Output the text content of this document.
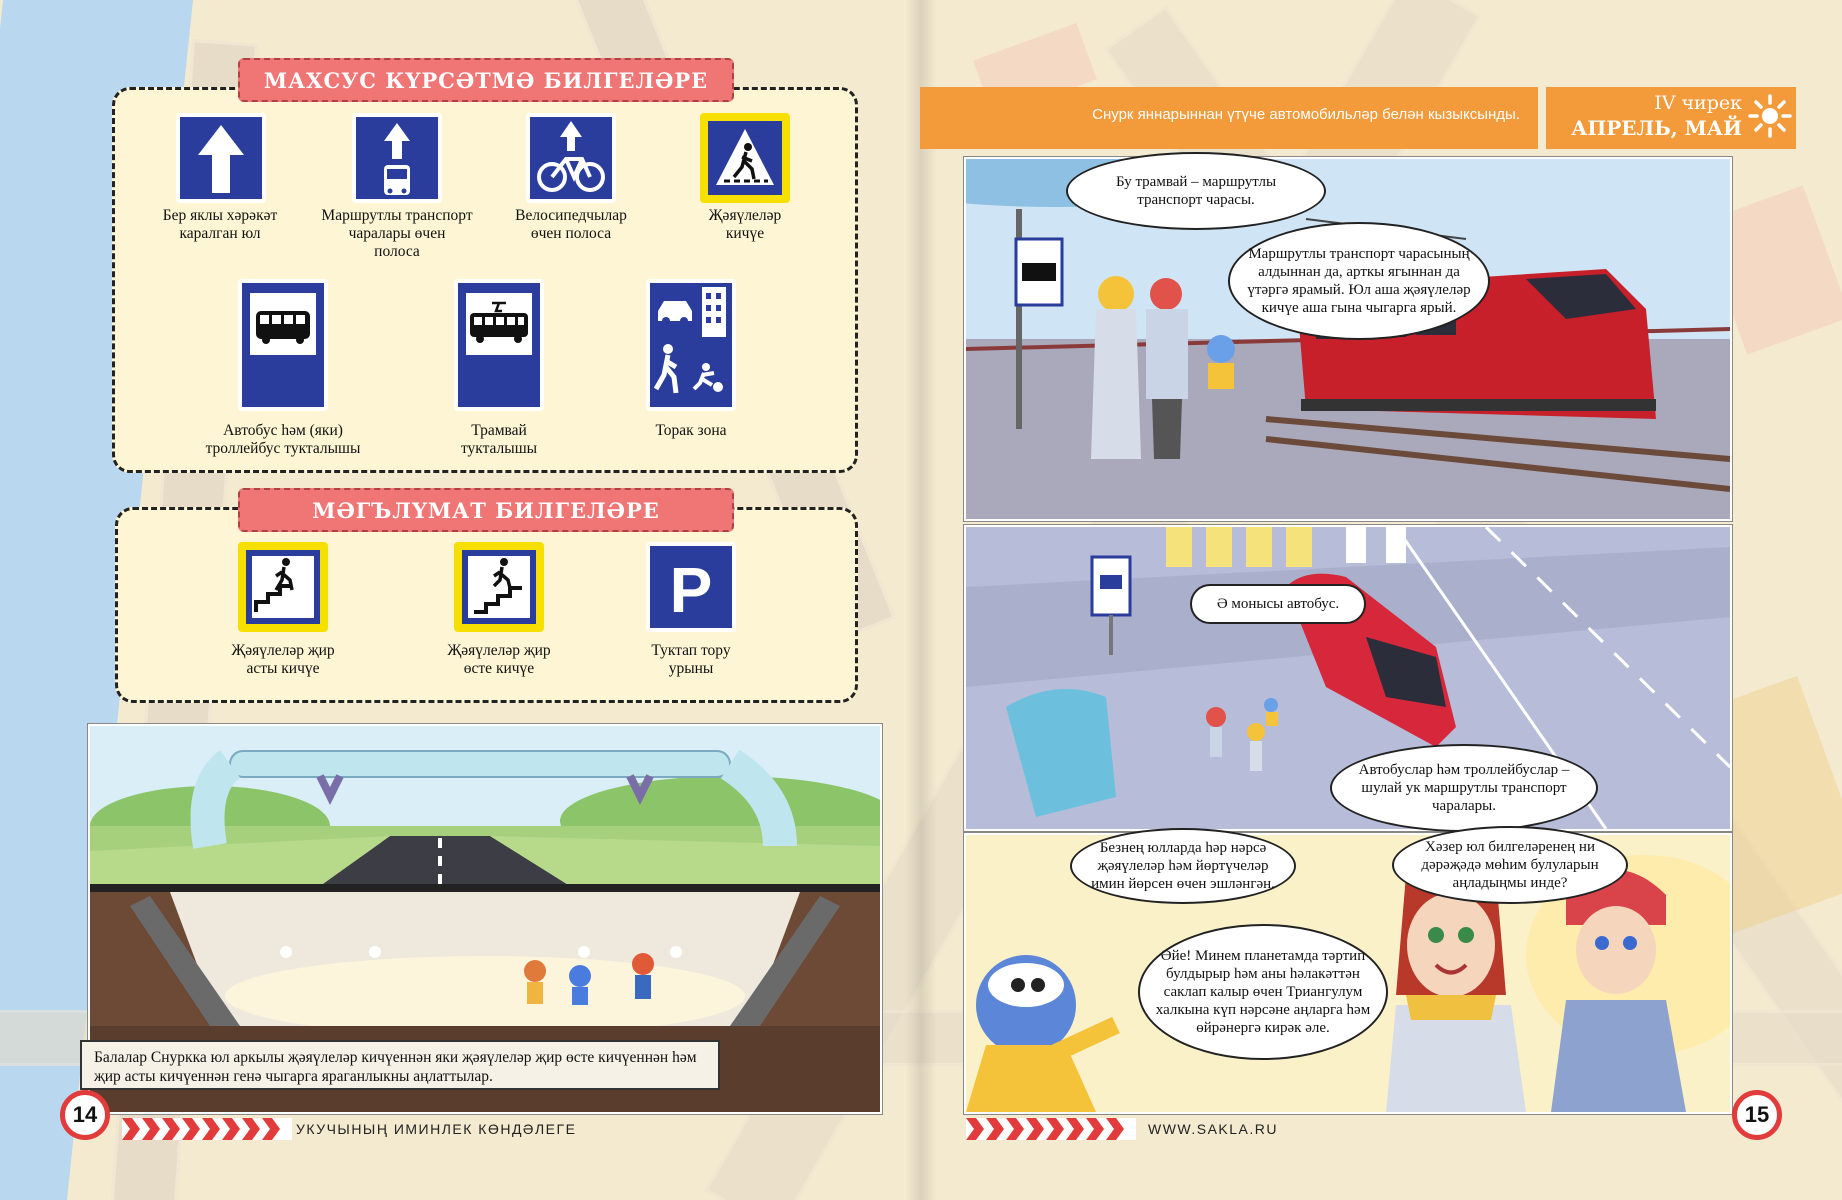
МАХСУС КҮРСӘТМӘ БИЛГЕЛӘРЕ
Бер яклы хәрәкәт
каралган юл
Маршрутлы транспорт
чаралары өчен
полоса
Велосипедчылар
өчен полоса
Җәяүлеләр
кичүе
Автобус һәм (яки)
троллейбус тукталышы
Трамвай
тукталышы
Торак зона
МӘГЪЛҮМАТ БИЛГЕЛӘРЕ
Җәяүлеләр җир
асты кичүе
Җәяүлеләр җир
өсте кичүе
P
Туктап тору
урыны
Балалар Снуркка юл аркылы җәяүлеләр кичүеннән яки җәяүлеләр җир өсте кичүеннән һәм җир асты кичүеннән генә чыгарга яраганлыкны аңлаттылар.
14
УКУЧЫНЫҢ ИМИНЛЕК КӨНДӘЛЕГЕ
Снурк яннарыннан үтүче автомобильләр белән кызыксынды.
IV чирек
АПРЕЛЬ, МАЙ
Бу трамвай – маршрутлы транспорт чарасы.
Маршрутлы транспорт чарасының алдыннан да, арткы ягыннан да үтәргә ярамый. Юл аша җәяүлеләр кичүе аша гына чыгарга ярый.
Ә монысы автобус.
Автобуслар һәм троллейбуслар – шулай ук маршрутлы транспорт чаралары.
Безнең юлларда һәр нәрсә җәяүлеләр һәм йөртүчеләр имин йөрсен өчен эшләнгән.
Хәзер юл билгеләренең ни дәрәҗәдә мөһим булуларын аңладыңмы инде?
Әйе! Минем планетамда тәртип булдырыр һәм аны һәлакәттән саклап калыр өчен Триангулум халкына күп нәрсәне аңларга һәм өйрәнергә кирәк әле.
WWW.SAKLA.RU
15
